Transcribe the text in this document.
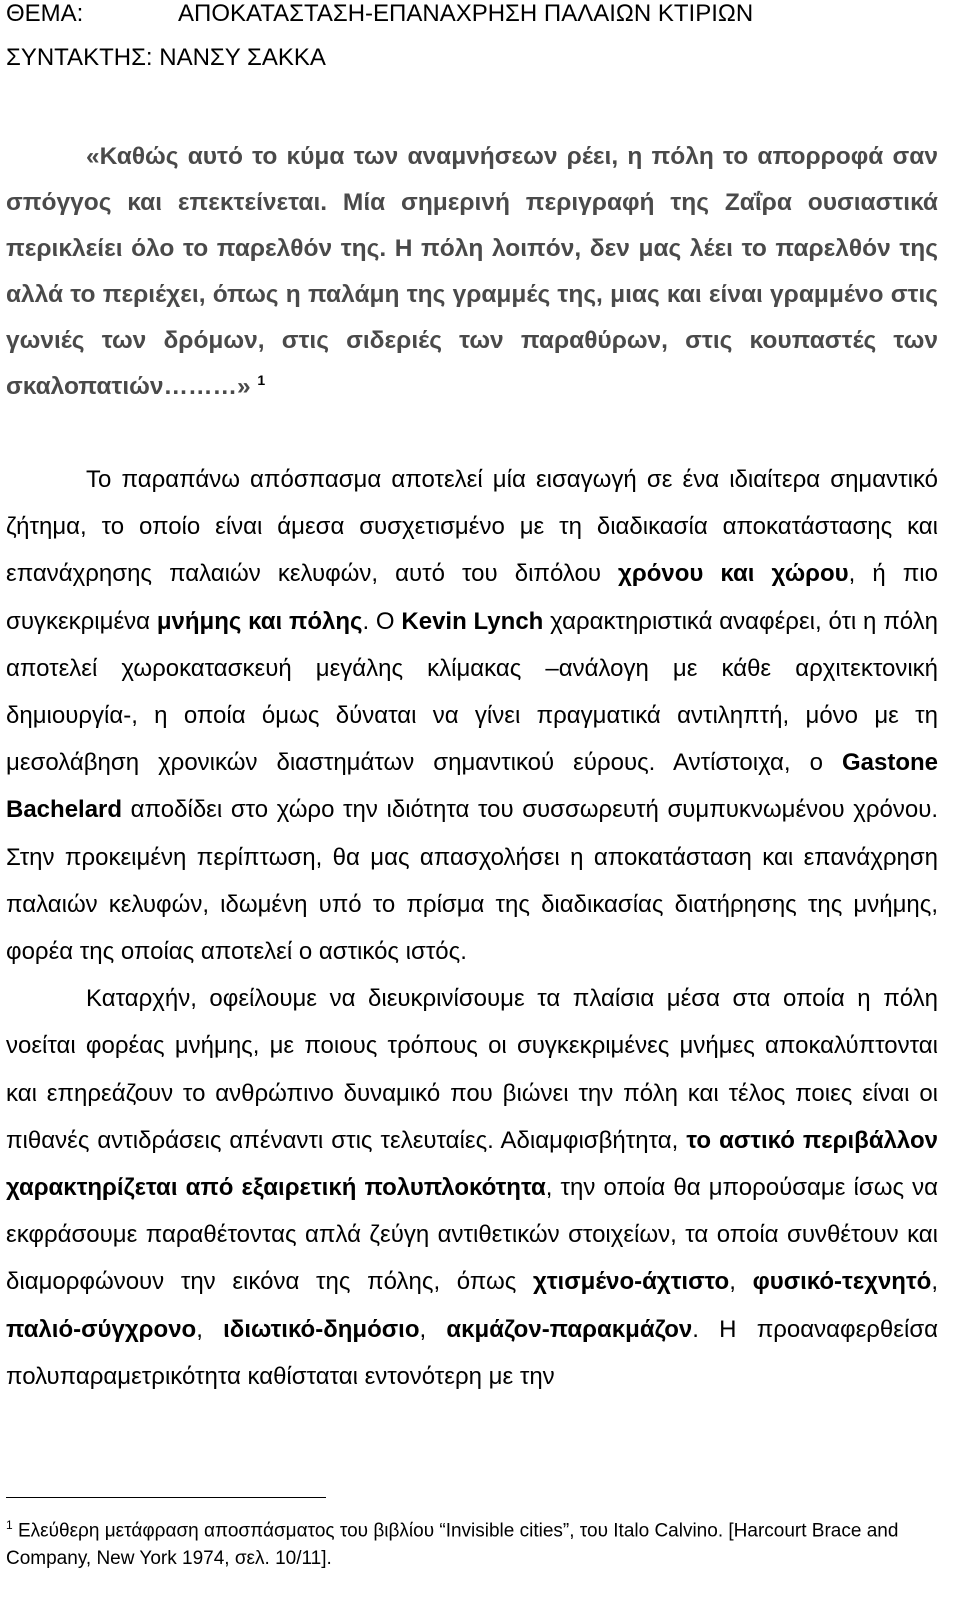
ΘΕΜΑ:	ΑΠΟΚΑΤΑΣΤΑΣΗ-ΕΠΑΝΑΧΡΗΣΗ ΠΑΛΑΙΩΝ ΚΤΙΡΙΩΝ
ΣΥΝΤΑΚΤΗΣ: ΝΑΝΣΥ ΣΑΚΚΑ

«Καθώς αυτό το κύμα των αναμνήσεων ρέει, η πόλη το απορροφά σαν σπόγγος και επεκτείνεται. Μία σημερινή περιγραφή της Ζαΐρα ουσιαστικά περικλείει όλο το παρελθόν της. Η πόλη λοιπόν, δεν μας λέει το παρελθόν της αλλά το περιέχει, όπως η παλάμη της γραμμές της, μιας και είναι γραμμένο στις γωνιές των δρόμων, στις σιδεριές των παραθύρων, στις κουπαστές των σκαλοπατιών………» $^1$

Το παραπάνω απόσπασμα αποτελεί μία εισαγωγή σε ένα ιδιαίτερα σημαντικό ζήτημα, το οποίο είναι άμεσα συσχετισμένο με τη διαδικασία αποκατάστασης και επανάχρησης παλαιών κελυφών, αυτό του διπόλου χρόνου και χώρου, ή πιο συγκεκριμένα μνήμης και πόλης. Ο Kevin Lynch χαρακτηριστικά αναφέρει, ότι η πόλη αποτελεί χωροκατασκευή μεγάλης κλίμακας –ανάλογη με κάθε αρχιτεκτονική δημιουργία-, η οποία όμως δύναται να γίνει πραγματικά αντιληπτή, μόνο με τη μεσολάβηση χρονικών διαστημάτων σημαντικού εύρους. Αντίστοιχα, ο Gastone Bachelard αποδίδει στο χώρο την ιδιότητα του συσσωρευτή συμπυκνωμένου χρόνου. Στην προκειμένη περίπτωση, θα μας απασχολήσει η αποκατάσταση και επανάχρηση παλαιών κελυφών, ιδωμένη υπό το πρίσμα της διαδικασίας διατήρησης της μνήμης, φορέα της οποίας αποτελεί ο αστικός ιστός.

Καταρχήν, οφείλουμε να διευκρινίσουμε τα πλαίσια μέσα στα οποία η πόλη νοείται φορέας μνήμης, με ποιους τρόπους οι συγκεκριμένες μνήμες αποκαλύπτονται και επηρεάζουν το ανθρώπινο δυναμικό που βιώνει την πόλη και τέλος ποιες είναι οι πιθανές αντιδράσεις απέναντι στις τελευταίες. Αδιαμφισβήτητα, το αστικό περιβάλλον χαρακτηρίζεται από εξαιρετική πολυπλοκότητα, την οποία θα μπορούσαμε ίσως να εκφράσουμε παραθέτοντας απλά ζεύγη αντιθετικών στοιχείων, τα οποία συνθέτουν και διαμορφώνουν την εικόνα της πόλης, όπως χτισμένο-άχτιστο, φυσικό-τεχνητό, παλιό-σύγχρονο, ιδιωτικό-δημόσιο, ακμάζον-παρακμάζον. Η προαναφερθείσα πολυπαραμετρικότητα καθίσταται εντονότερη με την

$^1$ Ελεύθερη μετάφραση αποσπάσματος του βιβλίου “Invisible cities”, του Italo Calvino. [Harcourt Brace and Company, New York 1974, σελ. 10/11].
